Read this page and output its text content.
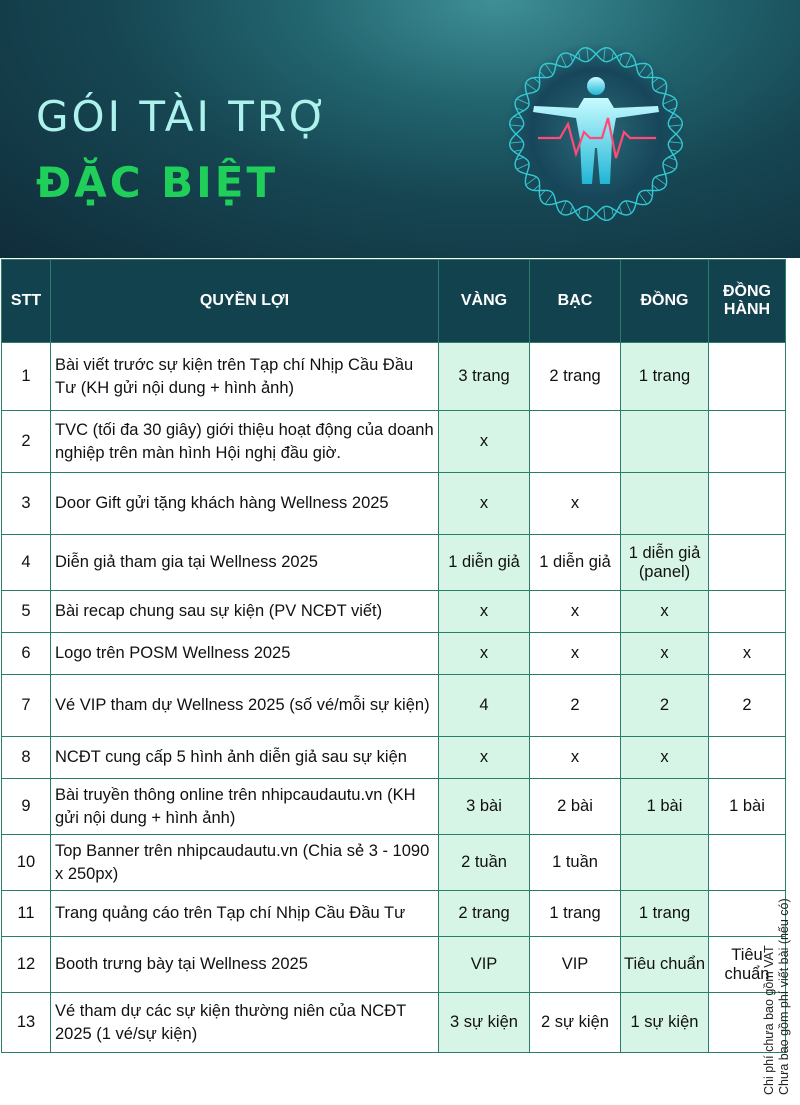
GÓI TÀI TRỢ
ĐẶC BIỆT
STT	QUYỀN LỢI	VÀNG	BẠC	ĐỒNG	ĐỒNG HÀNH
1	Bài viết trước sự kiện trên Tạp chí Nhịp Cầu Đầu Tư (KH gửi nội dung + hình ảnh)	3 trang	2 trang	1 trang	
2	TVC (tối đa 30 giây) giới thiệu hoạt động của doanh nghiệp trên màn hình Hội nghị đầu giờ.	x			
3	Door Gift gửi tặng khách hàng Wellness 2025	x	x		
4	Diễn giả tham gia tại Wellness 2025	1 diễn giả	1 diễn giả	1 diễn giả (panel)	
5	Bài recap chung sau sự kiện (PV NCĐT viết)	x	x	x	
6	Logo trên POSM Wellness 2025	x	x	x	x
7	Vé VIP tham dự Wellness 2025 (số vé/mỗi sự kiện)	4	2	2	2
8	NCĐT cung cấp 5 hình ảnh diễn giả sau sự kiện	x	x	x	
9	Bài truyền thông online trên nhipcaudautu.vn (KH gửi nội dung + hình ảnh)	3 bài	2 bài	1 bài	1 bài
10	Top Banner trên nhipcaudautu.vn (Chia sẻ 3 - 1090 x 250px)	2 tuần	1 tuần		
11	Trang quảng cáo trên Tạp chí Nhịp Cầu Đầu Tư	2 trang	1 trang	1 trang	
12	Booth trưng bày tại Wellness 2025	VIP	VIP	Tiêu chuẩn	Tiêu chuẩn
13	Vé tham dự các sự kiện thường niên của NCĐT 2025 (1 vé/sự kiện)	3 sự kiện	2 sự kiện	1 sự kiện		Chi phí chưa bao gồm VAT Chưa bao gồm phí viết bài (nếu có)
